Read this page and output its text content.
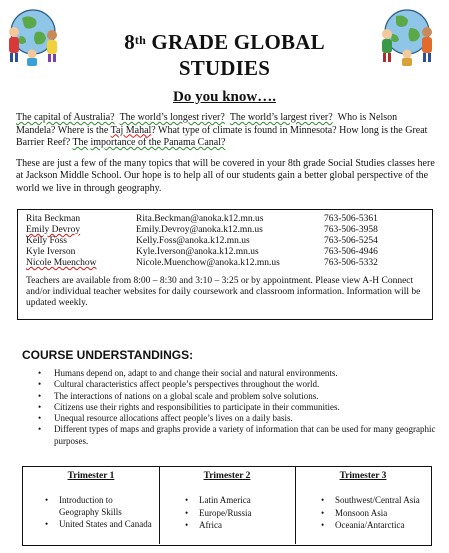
8th GRADE GLOBAL
STUDIES
Do you know….
The capital of Australia? The world’s longest river? The world’s largest river? Who is Nelson Mandela? Where is the Taj Mahal? What type of climate is found in Minnesota? How long is the Great Barrier Reef? The importance of the Panama Canal?
These are just a few of the many topics that will be covered in your 8th grade Social Studies classes here at Jackson Middle School. Our hope is to help all of our students gain a better global perspective of the world we live in through geography.
Rita Beckman	Rita.Beckman@anoka.k12.mn.us	763-506-5361
Emily Devroy	Emily.Devroy@anoka.k12.mn.us	763-506-3958
Kelly Foss	Kelly.Foss@anoka.k12.mn.us	763-506-5254
Kyle Iverson	Kyle.Iverson@anoka.k12.mn.us	763-506-4946
Nicole Muenchow	Nicole.Muenchow@anoka.k12.mn.us	763-506-5332
Teachers are available from 8:00 – 8:30 and 3:10 – 3:25 or by appointment. Please view A-H Connect and/or individual teacher websites for daily coursework and classroom information. Information will be updated weekly.
COURSE UNDERSTANDINGS:
• Humans depend on, adapt to and change their social and natural environments.
• Cultural characteristics affect people’s perspectives throughout the world.
• The interactions of nations on a global scale and problem solve solutions.
• Citizens use their rights and responsibilities to participate in their communities.
• Unequal resource allocations affect people’s lives on a daily basis.
• Different types of maps and graphs provide a variety of information that can be used for many geographic purposes.
Trimester 1
• Introduction to Geography Skills
• United States and Canada
Trimester 2
• Latin America
• Europe/Russia
• Africa
Trimester 3
• Southwest/Central Asia
• Monsoon Asia
• Oceania/Antarctica
